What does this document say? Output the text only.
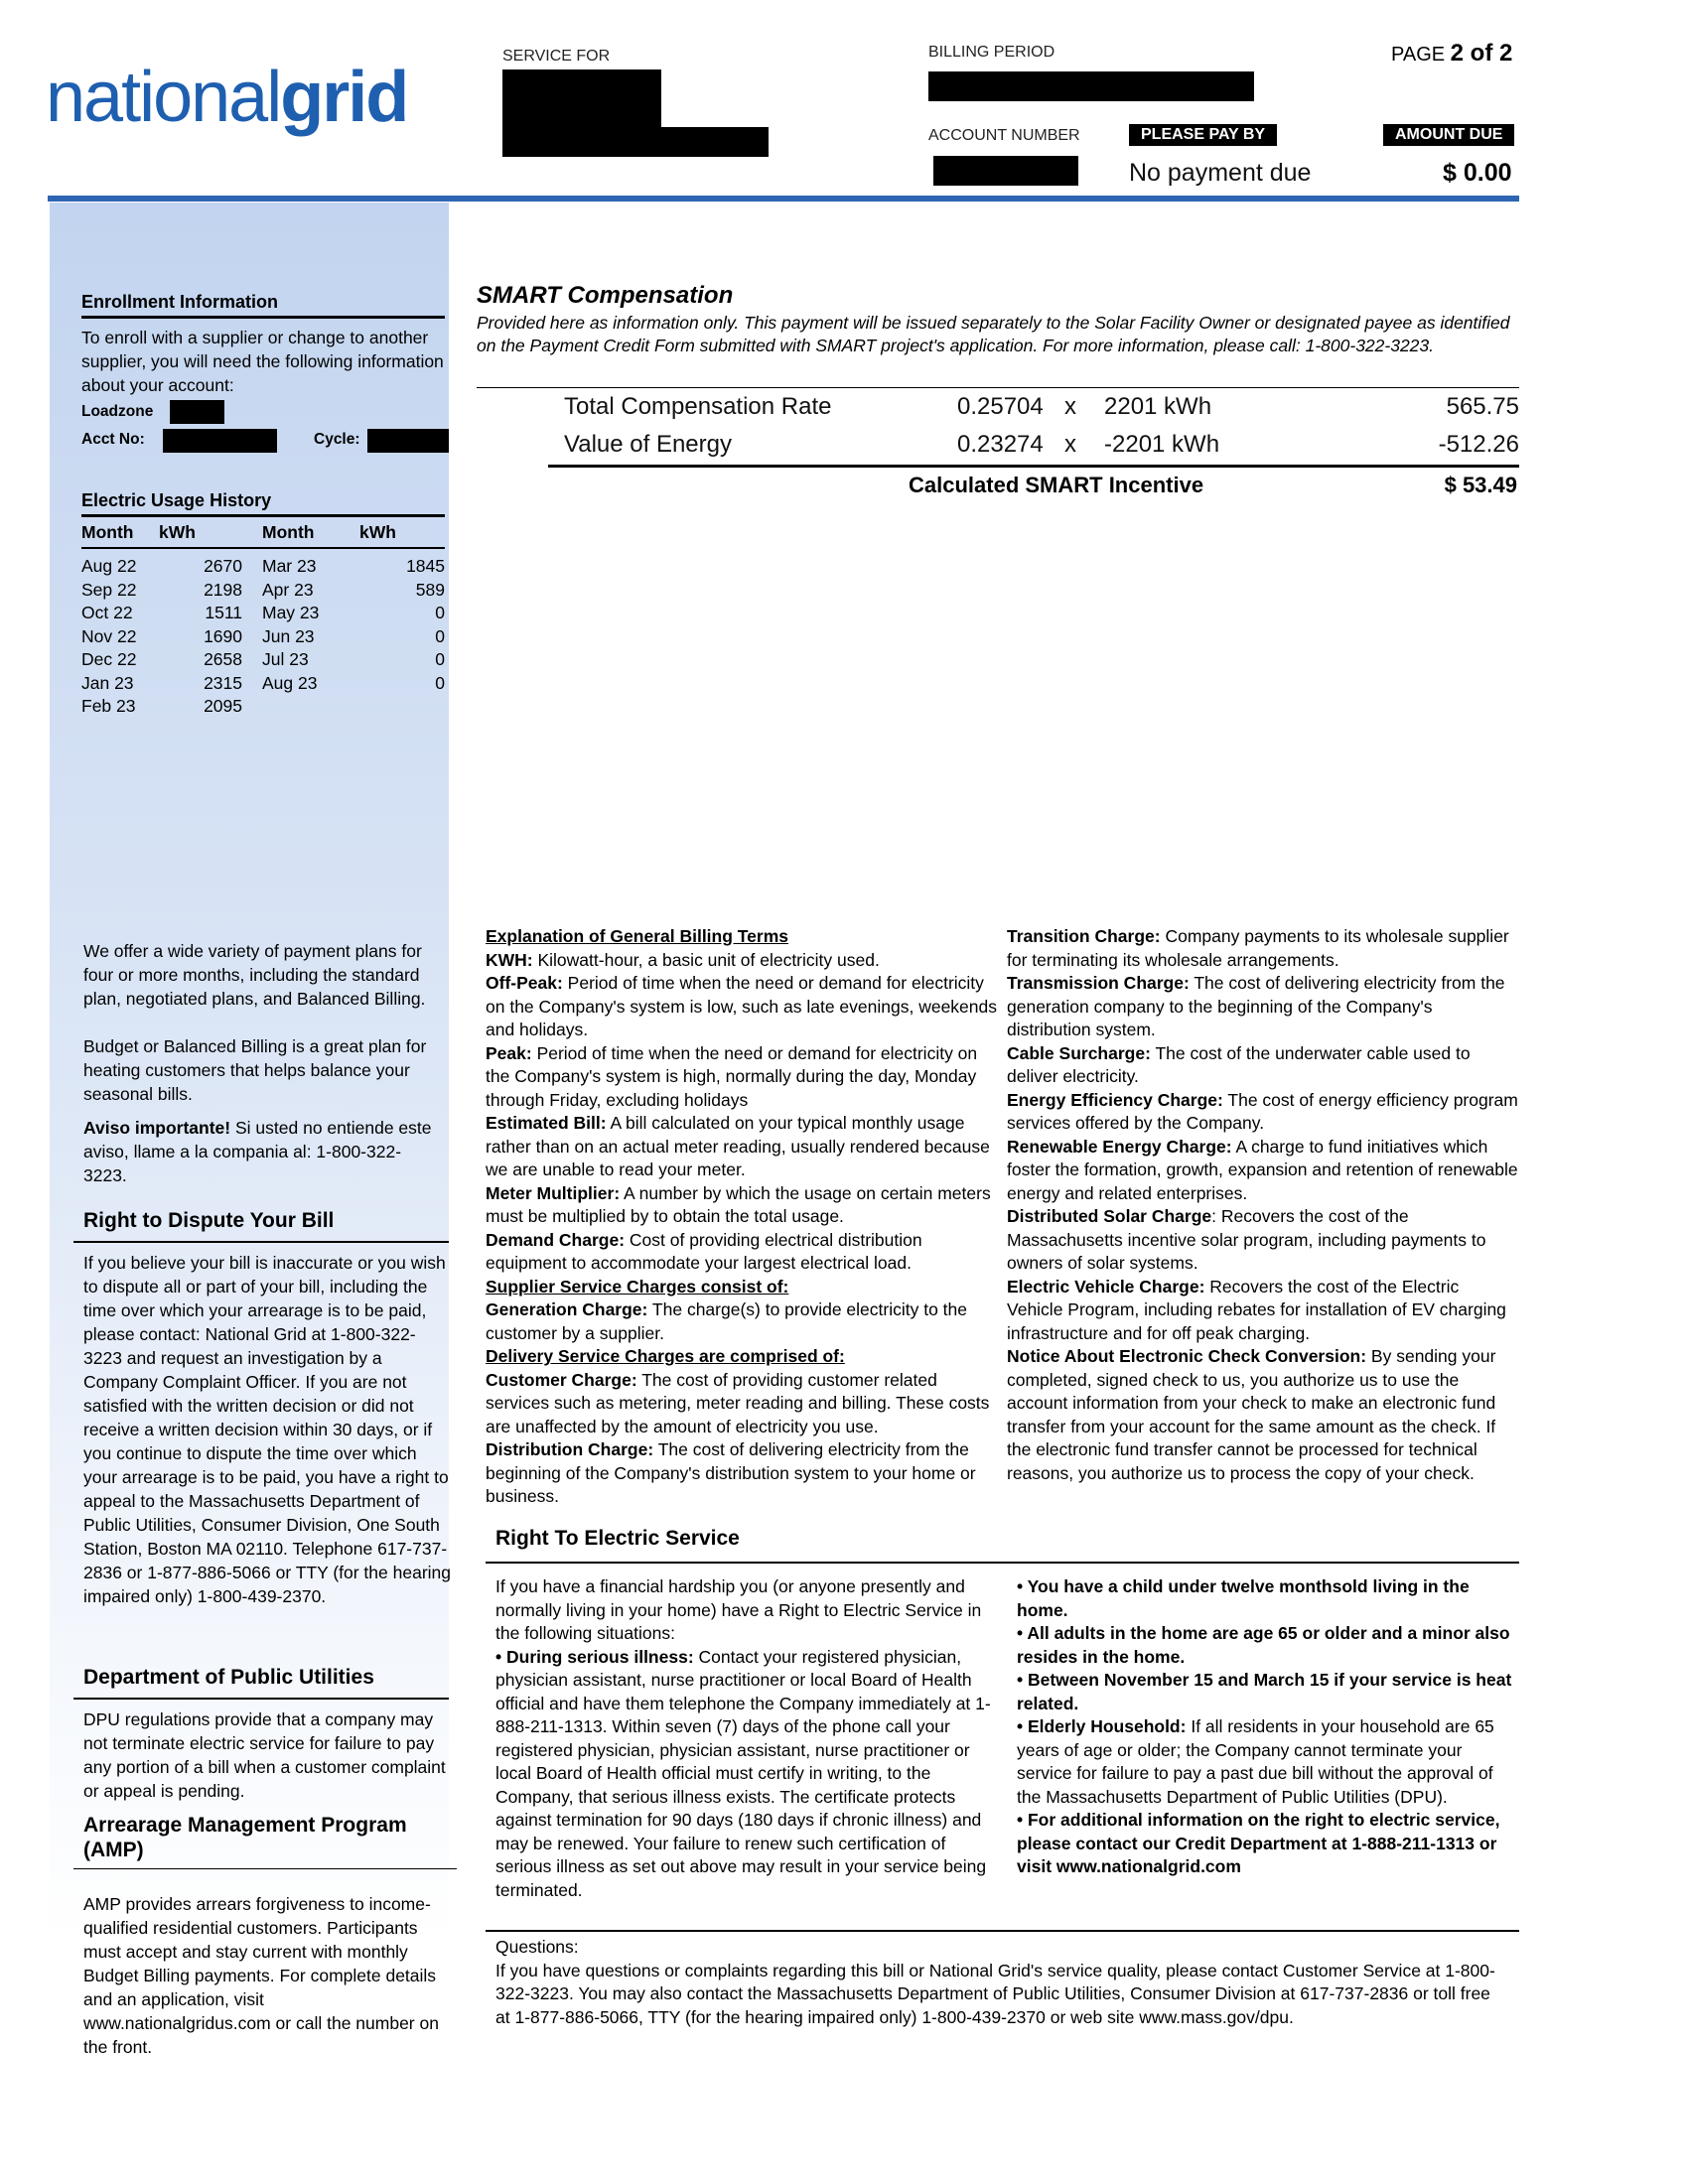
nationalgrid
SERVICE FOR	BILLING PERIOD	PAGE 2 of 2
ACCOUNT NUMBER	PLEASE PAY BY
No payment due
AMOUNT DUE
$ 0.00
Enrollment Information
To enroll with a supplier or change to another supplier, you will need the following information about your account:
Loadzone
Acct No:	Cycle:
Electric Usage History
Month	kWh	Month	kWh
Aug 22	2670	Mar 23	1845
Sep 22	2198	Apr 23	589
Oct 22	1511	May 23	0
Nov 22	1690	Jun 23	0
Dec 22	2658	Jul 23	0
Jan 23	2315	Aug 23	0
Feb 23	2095		
We offer a wide variety of payment plans for four or more months, including the standard plan, negotiated plans, and Balanced Billing.
Budget or Balanced Billing is a great plan for heating customers that helps balance your seasonal bills.
Aviso importante! Si usted no entiende este aviso, llame a la compania al: 1-800-322-3223.
Right to Dispute Your Bill
If you believe your bill is inaccurate or you wish to dispute all or part of your bill, including the time over which your arrearage is to be paid, please contact: National Grid at 1-800-322-3223 and request an investigation by a Company Complaint Officer. If you are not satisfied with the written decision or did not receive a written decision within 30 days, or if you continue to dispute the time over which your arrearage is to be paid, you have a right to appeal to the Massachusetts Department of Public Utilities, Consumer Division, One South Station, Boston MA 02110. Telephone 617-737-2836 or 1-877-886-5066 or TTY (for the hearing impaired only) 1-800-439-2370.
Department of Public Utilities
DPU regulations provide that a company may not terminate electric service for failure to pay any portion of a bill when a customer complaint or appeal is pending.
Arrearage Management Program (AMP)
AMP provides arrears forgiveness to income-qualified residential customers. Participants must accept and stay current with monthly Budget Billing payments. For complete details and an application, visit www.nationalgridus.com or call the number on the front.
SMART Compensation
Provided here as information only. This payment will be issued separately to the Solar Facility Owner or designated payee as identified on the Payment Credit Form submitted with SMART project's application. For more information, please call: 1-800-322-3223.
Total Compensation Rate	0.25704 x 2201 kWh	565.75
Value of Energy	0.23274 x -2201 kWh	-512.26
Calculated SMART Incentive	$ 53.49
Explanation of General Billing Terms
KWH: Kilowatt-hour, a basic unit of electricity used.
Off-Peak: Period of time when the need or demand for electricity on the Company's system is low, such as late evenings, weekends and holidays.
Peak: Period of time when the need or demand for electricity on the Company's system is high, normally during the day, Monday through Friday, excluding holidays
Estimated Bill: A bill calculated on your typical monthly usage rather than on an actual meter reading, usually rendered because we are unable to read your meter.
Meter Multiplier: A number by which the usage on certain meters must be multiplied by to obtain the total usage.
Demand Charge: Cost of providing electrical distribution equipment to accommodate your largest electrical load.
Supplier Service Charges consist of:
Generation Charge: The charge(s) to provide electricity to the customer by a supplier.
Delivery Service Charges are comprised of:
Customer Charge: The cost of providing customer related services such as metering, meter reading and billing. These costs are unaffected by the amount of electricity you use.
Distribution Charge: The cost of delivering electricity from the beginning of the Company's distribution system to your home or business.
Transition Charge: Company payments to its wholesale supplier for terminating its wholesale arrangements.
Transmission Charge: The cost of delivering electricity from the generation company to the beginning of the Company's distribution system.
Cable Surcharge: The cost of the underwater cable used to deliver electricity.
Energy Efficiency Charge: The cost of energy efficiency program services offered by the Company.
Renewable Energy Charge: A charge to fund initiatives which foster the formation, growth, expansion and retention of renewable energy and related enterprises.
Distributed Solar Charge: Recovers the cost of the Massachusetts incentive solar program, including payments to owners of solar systems.
Electric Vehicle Charge: Recovers the cost of the Electric Vehicle Program, including rebates for installation of EV charging infrastructure and for off peak charging.
Notice About Electronic Check Conversion: By sending your completed, signed check to us, you authorize us to use the account information from your check to make an electronic fund transfer from your account for the same amount as the check. If the electronic fund transfer cannot be processed for technical reasons, you authorize us to process the copy of your check.
Right To Electric Service
If you have a financial hardship you (or anyone presently and normally living in your home) have a Right to Electric Service in the following situations:
• During serious illness: Contact your registered physician, physician assistant, nurse practitioner or local Board of Health official and have them telephone the Company immediately at 1-888-211-1313. Within seven (7) days of the phone call your registered physician, physician assistant, nurse practitioner or local Board of Health official must certify in writing, to the Company, that serious illness exists. The certificate protects against termination for 90 days (180 days if chronic illness) and may be renewed. Your failure to renew such certification of serious illness as set out above may result in your service being terminated.
• You have a child under twelve monthsold living in the home.
• All adults in the home are age 65 or older and a minor also resides in the home.
• Between November 15 and March 15 if your service is heat related.
• Elderly Household: If all residents in your household are 65 years of age or older; the Company cannot terminate your service for failure to pay a past due bill without the approval of the Massachusetts Department of Public Utilities (DPU).
• For additional information on the right to electric service, please contact our Credit Department at 1-888-211-1313 or visit www.nationalgrid.com
Questions:
If you have questions or complaints regarding this bill or National Grid's service quality, please contact Customer Service at 1-800-322-3223. You may also contact the Massachusetts Department of Public Utilities, Consumer Division at 617-737-2836 or toll free at 1-877-886-5066, TTY (for the hearing impaired only) 1-800-439-2370 or web site www.mass.gov/dpu.
